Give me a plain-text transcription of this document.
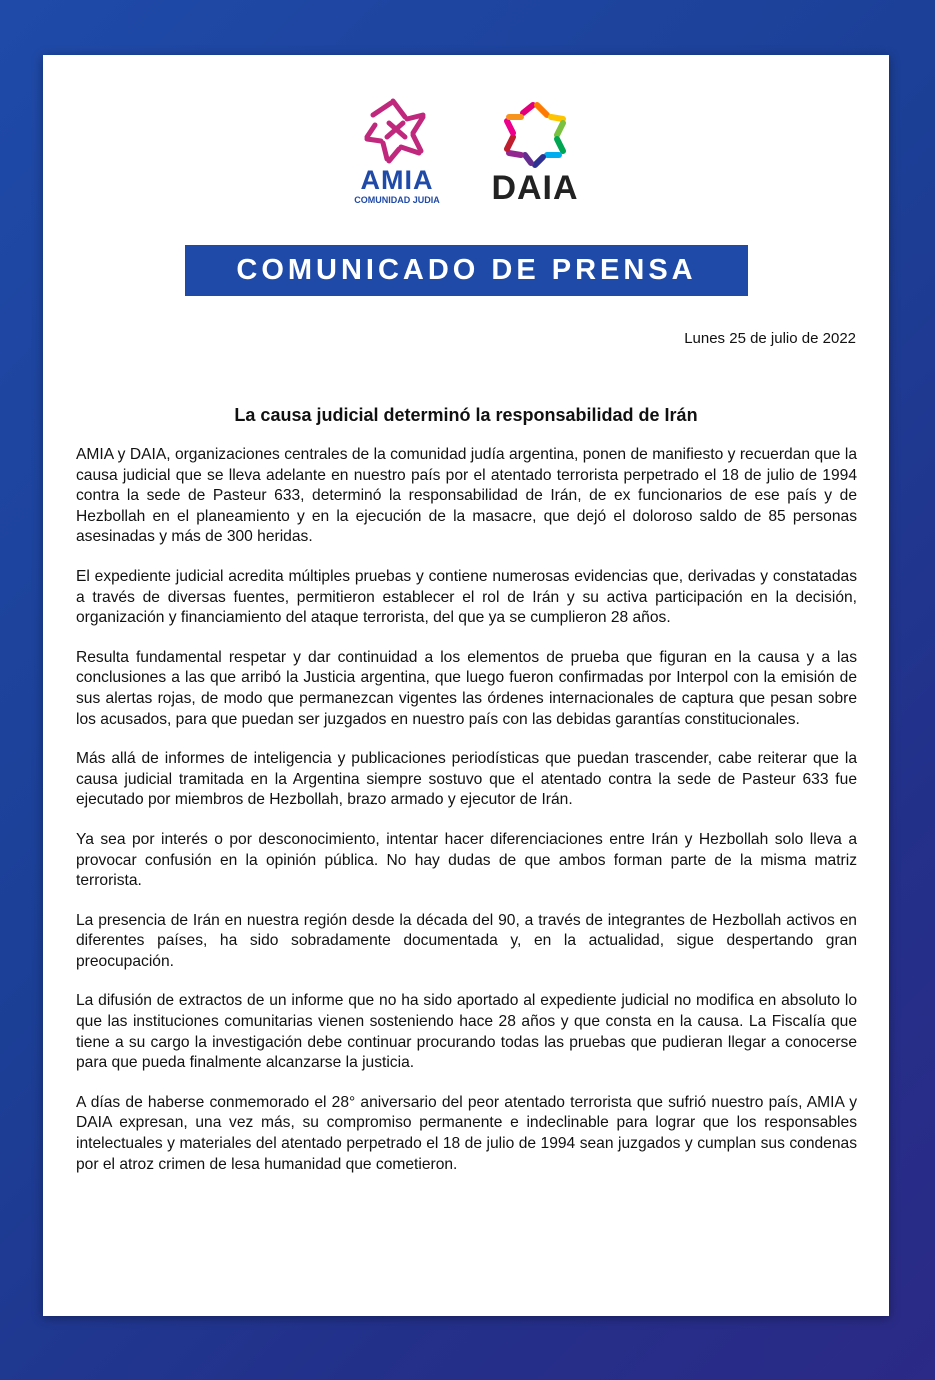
AMIA
COMUNIDAD JUDIA	DAIA
COMUNICADO DE PRENSA
Lunes 25 de julio de 2022
La causa judicial determinó la responsabilidad de Irán

AMIA y DAIA, organizaciones centrales de la comunidad judía argentina, ponen de manifiesto y recuerdan que la causa judicial que se lleva adelante en nuestro país por el atentado terrorista perpetrado el 18 de julio de 1994 contra la sede de Pasteur 633, determinó la responsabilidad de Irán, de ex funcionarios de ese país y de Hezbollah en el planeamiento y en la ejecución de la masacre, que dejó el doloroso saldo de 85 personas asesinadas y más de 300 heridas.

El expediente judicial acredita múltiples pruebas y contiene numerosas evidencias que, derivadas y constatadas a través de diversas fuentes, permitieron establecer el rol de Irán y su activa participación en la decisión, organización y financiamiento del ataque terrorista, del que ya se cumplieron 28 años.

Resulta fundamental respetar y dar continuidad a los elementos de prueba que figuran en la causa y a las conclusiones a las que arribó la Justicia argentina, que luego fueron confirmadas por Interpol con la emisión de sus alertas rojas, de modo que permanezcan vigentes las órdenes internacionales de captura que pesan sobre los acusados, para que puedan ser juzgados en nuestro país con las debidas garantías constitucionales.

Más allá de informes de inteligencia y publicaciones periodísticas que puedan trascender, cabe reiterar que la causa judicial tramitada en la Argentina siempre sostuvo que el atentado contra la sede de Pasteur 633 fue ejecutado por miembros de Hezbollah, brazo armado y ejecutor de Irán.

Ya sea por interés o por desconocimiento, intentar hacer diferenciaciones entre Irán y Hezbollah solo lleva a provocar confusión en la opinión pública. No hay dudas de que ambos forman parte de la misma matriz terrorista.

La presencia de Irán en nuestra región desde la década del 90, a través de integrantes de Hezbollah activos en diferentes países, ha sido sobradamente documentada y, en la actualidad, sigue despertando gran preocupación.

La difusión de extractos de un informe que no ha sido aportado al expediente judicial no modifica en absoluto lo que las instituciones comunitarias vienen sosteniendo hace 28 años y que consta en la causa. La Fiscalía que tiene a su cargo la investigación debe continuar procurando todas las pruebas que pudieran llegar a conocerse para que pueda finalmente alcanzarse la justicia.

A días de haberse conmemorado el 28° aniversario del peor atentado terrorista que sufrió nuestro país, AMIA y DAIA expresan, una vez más, su compromiso permanente e indeclinable para lograr que los responsables intelectuales y materiales del atentado perpetrado el 18 de julio de 1994 sean juzgados y cumplan sus condenas por el atroz crimen de lesa humanidad que cometieron.
